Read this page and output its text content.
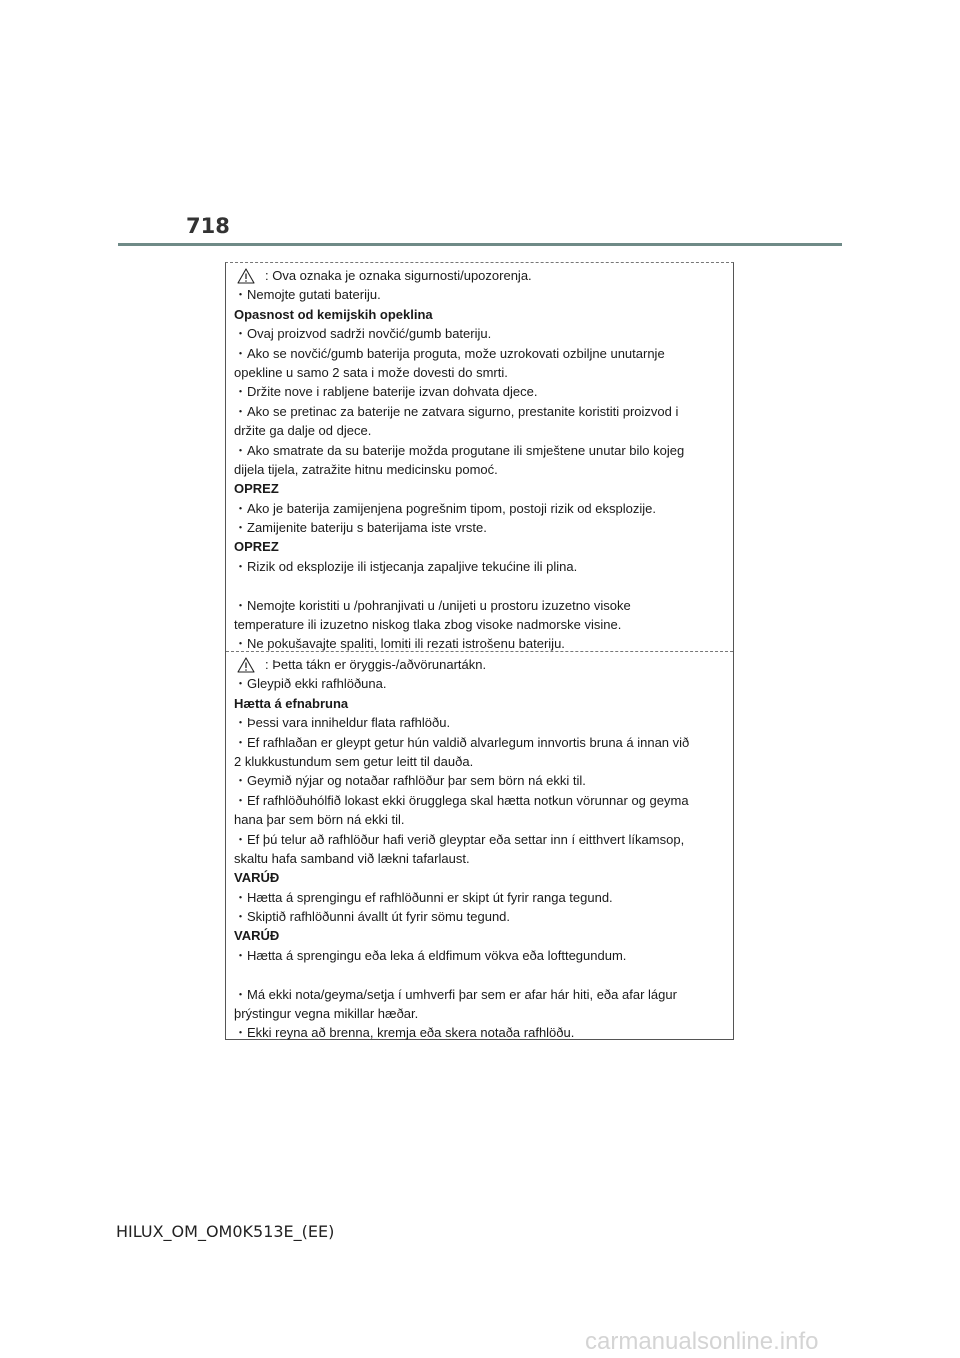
718
: Ova oznaka je oznaka sigurnosti/upozorenja.
・Nemojte gutati bateriju.
Opasnost od kemijskih opeklina
・Ovaj proizvod sadrži novčić/gumb bateriju.
・Ako se novčić/gumb baterija proguta, može uzrokovati ozbiljne unutarnje
opekline u samo 2 sata i može dovesti do smrti.
・Držite nove i rabljene baterije izvan dohvata djece.
・Ako se pretinac za baterije ne zatvara sigurno, prestanite koristiti proizvod i
držite ga dalje od djece.
・Ako smatrate da su baterije možda progutane ili smještene unutar bilo kojeg
dijela tijela, zatražite hitnu medicinsku pomoć.
OPREZ
・Ako je baterija zamijenjena pogrešnim tipom, postoji rizik od eksplozije.
・Zamijenite bateriju s baterijama iste vrste.
OPREZ
・Rizik od eksplozije ili istjecanja zapaljive tekućine ili plina.
・Nemojte koristiti u /pohranjivati u /unijeti u prostoru izuzetno visoke
temperature ili izuzetno niskog tlaka zbog visoke nadmorske visine.
・Ne pokušavajte spaliti, lomiti ili rezati istrošenu bateriju.
: Þetta tákn er öryggis-/aðvörunartákn.
・Gleypið ekki rafhlöðuna.
Hætta á efnabruna
・Þessi vara inniheldur flata rafhlöðu.
・Ef rafhlaðan er gleypt getur hún valdið alvarlegum innvortis bruna á innan við
2 klukkustundum sem getur leitt til dauða.
・Geymið nýjar og notaðar rafhlöður þar sem börn ná ekki til.
・Ef rafhlöðuhólfið lokast ekki örugglega skal hætta notkun vörunnar og geyma
hana þar sem börn ná ekki til.
・Ef þú telur að rafhlöður hafi verið gleyptar eða settar inn í eitthvert líkamsop,
skaltu hafa samband við lækni tafarlaust.
VARÚÐ
・Hætta á sprengingu ef rafhlöðunni er skipt út fyrir ranga tegund.
・Skiptið rafhlöðunni ávallt út fyrir sömu tegund.
VARÚÐ
・Hætta á sprengingu eða leka á eldfimum vökva eða lofttegundum.
・Má ekki nota/geyma/setja í umhverfi þar sem er afar hár hiti, eða afar lágur
þrýstingur vegna mikillar hæðar.
・Ekki reyna að brenna, kremja eða skera notaða rafhlöðu.
HILUX_OM_OM0K513E_(EE)
carmanualsonline.info
